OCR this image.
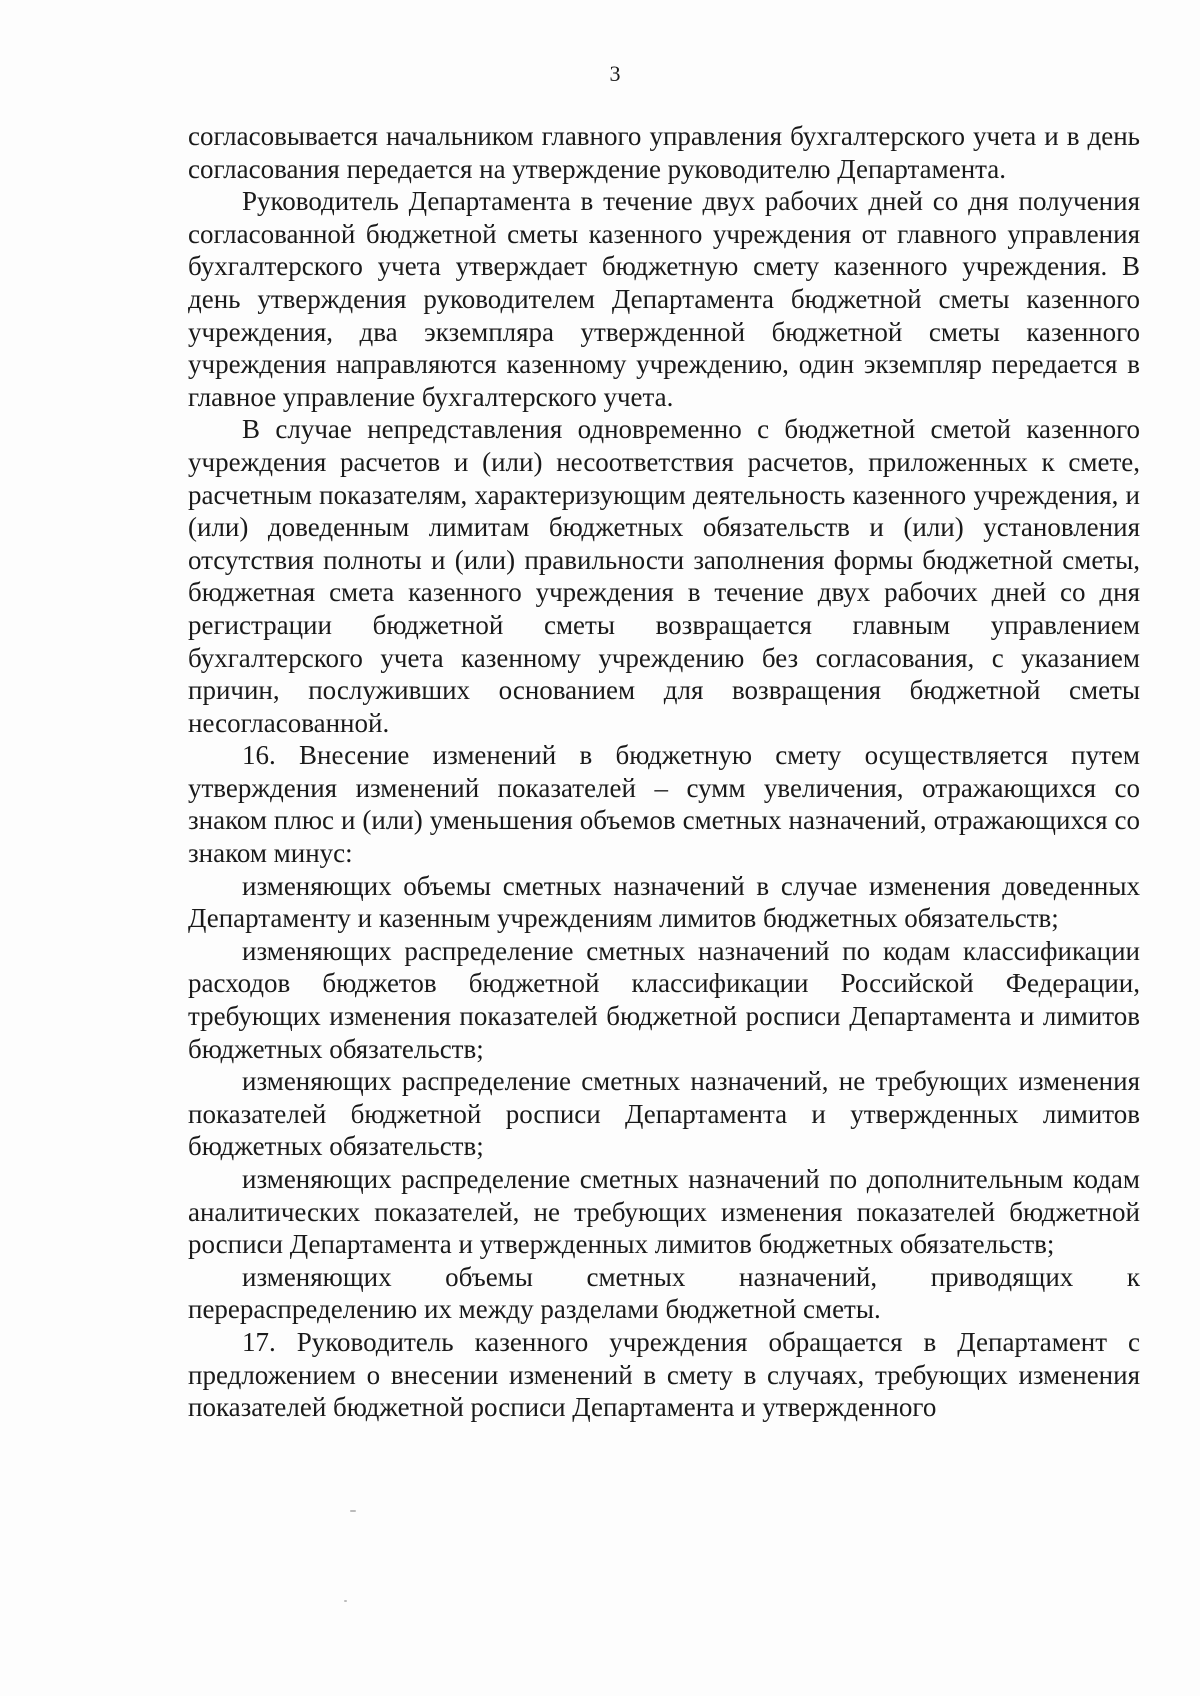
3

согласовывается начальником главного управления бухгалтерского учета и в день согласования передается на утверждение руководителю Департамента.

Руководитель Департамента в течение двух рабочих дней со дня получения согласованной бюджетной сметы казенного учреждения от главного управления бухгалтерского учета утверждает бюджетную смету казенного учреждения. В день утверждения руководителем Департамента бюджетной сметы казенного учреждения, два экземпляра утвержденной бюджетной сметы казенного учреждения направляются казенному учреждению, один экземпляр передается в главное управление бухгалтерского учета.

В случае непредставления одновременно с бюджетной сметой казенного учреждения расчетов и (или) несоответствия расчетов, приложенных к смете, расчетным показателям, характеризующим деятельность казенного учреждения, и (или) доведенным лимитам бюджетных обязательств и (или) установления отсутствия полноты и (или) правильности заполнения формы бюджетной сметы, бюджетная смета казенного учреждения в течение двух рабочих дней со дня регистрации бюджетной сметы возвращается главным управлением бухгалтерского учета казенному учреждению без согласования, с указанием причин, послуживших основанием для возвращения бюджетной сметы несогласованной.

16. Внесение изменений в бюджетную смету осуществляется путем утверждения изменений показателей – сумм увеличения, отражающихся со знаком плюс и (или) уменьшения объемов сметных назначений, отражающихся со знаком минус:

изменяющих объемы сметных назначений в случае изменения доведенных Департаменту и казенным учреждениям лимитов бюджетных обязательств;

изменяющих распределение сметных назначений по кодам классификации расходов бюджетов бюджетной классификации Российской Федерации, требующих изменения показателей бюджетной росписи Департамента и лимитов бюджетных обязательств;

изменяющих распределение сметных назначений, не требующих изменения показателей бюджетной росписи Департамента и утвержденных лимитов бюджетных обязательств;

изменяющих распределение сметных назначений по дополнительным кодам аналитических показателей, не требующих изменения показателей бюджетной росписи Департамента и утвержденных лимитов бюджетных обязательств;

изменяющих объемы сметных назначений, приводящих к перераспределению их между разделами бюджетной сметы.

17. Руководитель казенного учреждения обращается в Департамент с предложением о внесении изменений в смету в случаях, требующих изменения показателей бюджетной росписи Департамента и утвержденного
